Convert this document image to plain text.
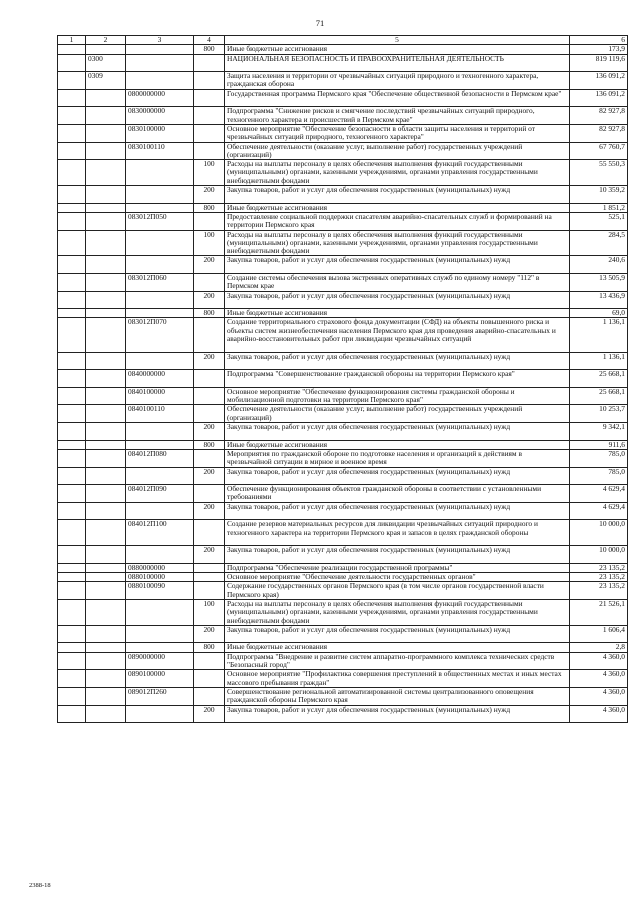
71
1	2	3	4	5	6
			800	Иные бюджетные ассигнования	173,9
	0300			НАЦИОНАЛЬНАЯ БЕЗОПАСНОСТЬ И ПРАВООХРАНИТЕЛЬНАЯ ДЕЯТЕЛЬНОСТЬ	819 119,6
	0309			Защита населения и территории от чрезвычайных ситуаций природного и техногенного характера, гражданская оборона	136 091,2
		0800000000		Государственная программа Пермского края "Обеспечение общественной безопасности в Пермском крае"	136 091,2
		0830000000		Подпрограмма "Снижение рисков и смягчение последствий чрезвычайных ситуаций природного, техногенного характера и происшествий в Пермском крае"	82 927,8
		0830100000		Основное мероприятие "Обеспечение безопасности в области защиты населения и территорий от чрезвычайных ситуаций природного, техногенного характера"	82 927,8
		0830100110		Обеспечение деятельности (оказание услуг, выполнение работ) государственных учреждений (организаций)	67 760,7
			100	Расходы на выплаты персоналу в целях обеспечения выполнения функций государственными (муниципальными) органами, казенными учреждениями, органами управления государственными внебюджетными фондами	55 550,3
			200	Закупка товаров, работ и услуг для обеспечения государственных (муниципальных) нужд	10 359,2
			800	Иные бюджетные ассигнования	1 851,2
		083012П050		Предоставление социальной поддержки спасателям аварийно-спасательных служб и формирований на территории Пермского края	525,1
			100	Расходы на выплаты персоналу в целях обеспечения выполнения функций государственными (муниципальными) органами, казенными учреждениями, органами управления государственными внебюджетными фондами	284,5
			200	Закупка товаров, работ и услуг для обеспечения государственных (муниципальных) нужд	240,6
		083012П060		Создание системы обеспечения вызова экстренных оперативных служб по единому номеру "112" в Пермском крае	13 505,9
			200	Закупка товаров, работ и услуг для обеспечения государственных (муниципальных) нужд	13 436,9
			800	Иные бюджетные ассигнования	69,0
		083012П070		Создание территориального страхового фонда документации (СФД) на объекты повышенного риска и объекты систем жизнеобеспечения населения Пермского края для проведения аварийно-спасательных и аварийно-восстановительных работ при ликвидации чрезвычайных ситуаций	1 136,1
			200	Закупка товаров, работ и услуг для обеспечения государственных (муниципальных) нужд	1 136,1
		0840000000		Подпрограмма "Совершенствование гражданской обороны на территории Пермского края"	25 668,1
		0840100000		Основное мероприятие "Обеспечение функционирования системы гражданской обороны и мобилизационной подготовки на территории Пермского края"	25 668,1
		0840100110		Обеспечение деятельности (оказание услуг, выполнение работ) государственных учреждений (организаций)	10 253,7
			200	Закупка товаров, работ и услуг для обеспечения государственных (муниципальных) нужд	9 342,1
			800	Иные бюджетные ассигнования	911,6
		084012П080		Мероприятия по гражданской обороне по подготовке населения и организаций к действиям в чрезвычайной ситуации в мирное и военное время	785,0
			200	Закупка товаров, работ и услуг для обеспечения государственных (муниципальных) нужд	785,0
		084012П090		Обеспечение функционирования объектов гражданской обороны в соответствии с установленными требованиями	4 629,4
			200	Закупка товаров, работ и услуг для обеспечения государственных (муниципальных) нужд	4 629,4
		084012П100		Создание резервов материальных ресурсов для ликвидации чрезвычайных ситуаций природного и техногенного характера на территории Пермского края и запасов в целях гражданской обороны	10 000,0
			200	Закупка товаров, работ и услуг для обеспечения государственных (муниципальных) нужд	10 000,0
		0880000000		Подпрограмма "Обеспечение реализации государственной программы"	23 135,2
		0880100000		Основное мероприятие "Обеспечение деятельности государственных органов"	23 135,2
		0880100090		Содержание государственных органов Пермского края (в том числе органов государственной власти Пермского края)	23 135,2
			100	Расходы на выплаты персоналу в целях обеспечения выполнения функций государственными (муниципальными) органами, казенными учреждениями, органами управления государственными внебюджетными фондами	21 526,1
			200	Закупка товаров, работ и услуг для обеспечения государственных (муниципальных) нужд	1 606,4
			800	Иные бюджетные ассигнования	2,8
		0890000000		Подпрограмма "Внедрение и развитие систем аппаратно-программного комплекса технических средств "Безопасный город"	4 360,0
		0890100000		Основное мероприятие "Профилактика совершения преступлений в общественных местах и иных местах массового пребывания граждан"	4 360,0
		089012П260		Совершенствование региональной автоматизированной системы централизованного оповещения гражданской обороны Пермского края	4 360,0
			200	Закупка товаров, работ и услуг для обеспечения государственных (муниципальных) нужд	4 360,0
2388-18
